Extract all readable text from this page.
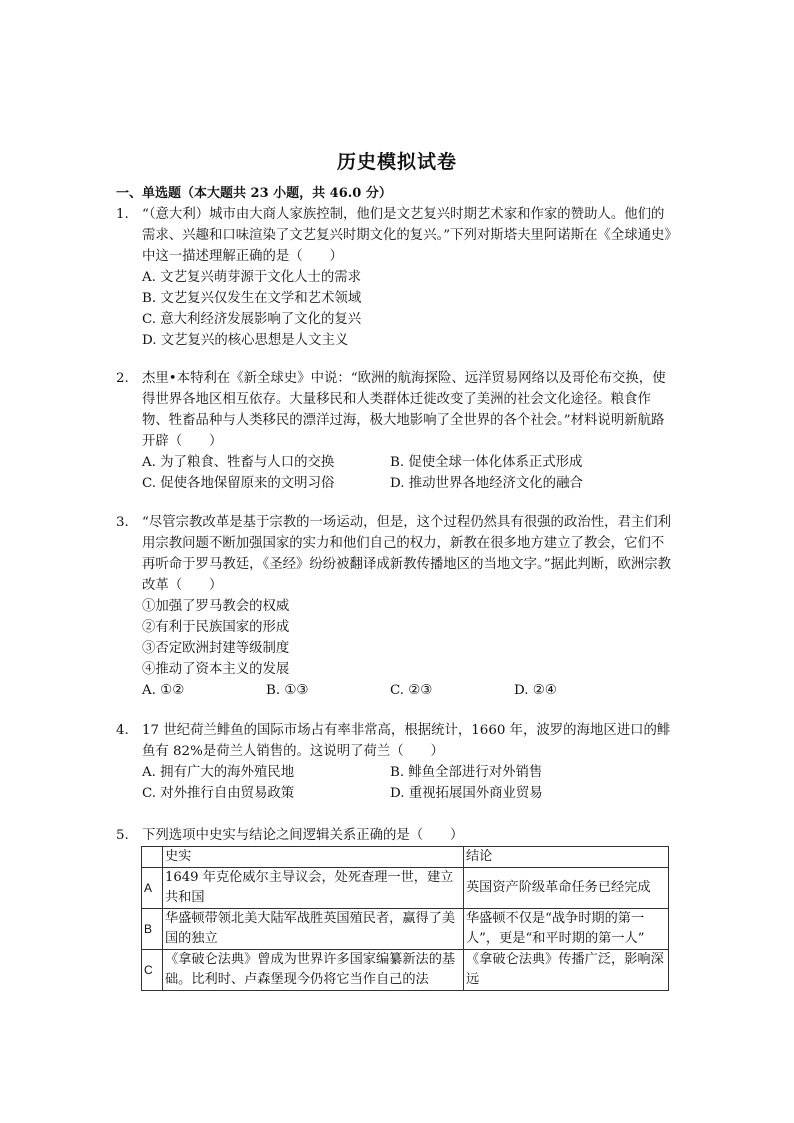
历史模拟试卷
一、单选题（本大题共 23 小题，共 46.0 分）
1. “（意大利）城市由大商人家族控制，他们是文艺复兴时期艺术家和作家的赞助人。他们的需求、兴趣和口味渲染了文艺复兴时期文化的复兴。”下列对斯塔夫里阿诺斯在《全球通史》中这一描述理解正确的是（　　）
A. 文艺复兴萌芽源于文化人士的需求
B. 文艺复兴仅发生在文学和艺术领域
C. 意大利经济发展影响了文化的复兴
D. 文艺复兴的核心思想是人文主义
2. 杰里•本特利在《新全球史》中说：“欧洲的航海探险、远洋贸易网络以及哥伦布交换，使得世界各地区相互依存。大量移民和人类群体迁徙改变了美洲的社会文化途径。粮食作物、牲畜品种与人类移民的漂洋过海，极大地影响了全世界的各个社会。”材料说明新航路开辟（　　）
A. 为了粮食、牲畜与人口的交换	B. 促使全球一体化体系正式形成
C. 促使各地保留原来的文明习俗	D. 推动世界各地经济文化的融合
3. “尽管宗教改革是基于宗教的一场运动，但是，这个过程仍然具有很强的政治性，君主们利用宗教问题不断加强国家的实力和他们自己的权力，新教在很多地方建立了教会，它们不再听命于罗马教廷，《圣经》纷纷被翻译成新教传播地区的当地文字。”据此判断，欧洲宗教改革（　　）
①加强了罗马教会的权威
②有利于民族国家的形成
③否定欧洲封建等级制度
④推动了资本主义的发展
A. ①②	B. ①③	C. ②③	D. ②④
4. 17 世纪荷兰鲱鱼的国际市场占有率非常高，根据统计，1660 年，波罗的海地区进口的鲱鱼有 82%是荷兰人销售的。这说明了荷兰（　　）
A. 拥有广大的海外殖民地	B. 鲱鱼全部进行对外销售
C. 对外推行自由贸易政策	D. 重视拓展国外商业贸易
5. 下列选项中史实与结论之间逻辑关系正确的是（　　）
	史实	结论
A	1649 年克伦威尔主导议会，处死查理一世，建立共和国	英国资产阶级革命任务已经完成
B	华盛顿带领北美大陆军战胜英国殖民者，赢得了美国的独立	华盛顿不仅是“战争时期的第一人”，更是“和平时期的第一人”
C	《拿破仑法典》曾成为世界许多国家编纂新法的基础。比利时、卢森堡现今仍将它当作自己的法	《拿破仑法典》传播广泛，影响深远
